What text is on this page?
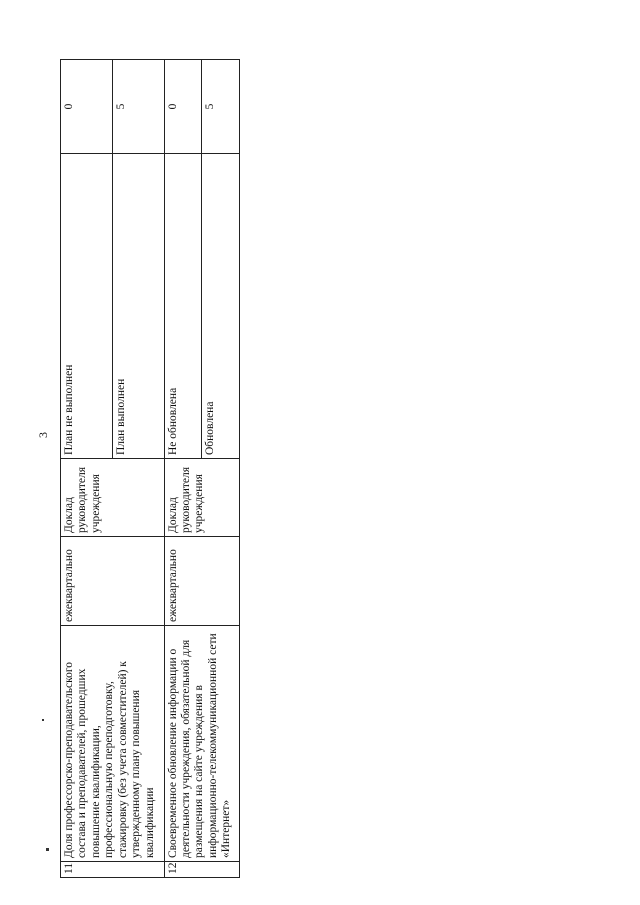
3
11	Доля профессорско-преподавательского состава и преподавателей, прошедших повышение квалификации, профессиональную переподготовку, стажировку (без учета совместителей) к утвержденному плану повышения квалификации	ежеквартально	Доклад руководителя учреждения	План не выполнен	0
				План выполнен	5
12	Своевременное обновление информации о деятельности учреждения, обязательной для размещения на сайте учреждения в информационно-телекоммуникационной сети «Интернет»	ежеквартально	Доклад руководителя учреждения	Не обновлена	0
				Обновлена	5
